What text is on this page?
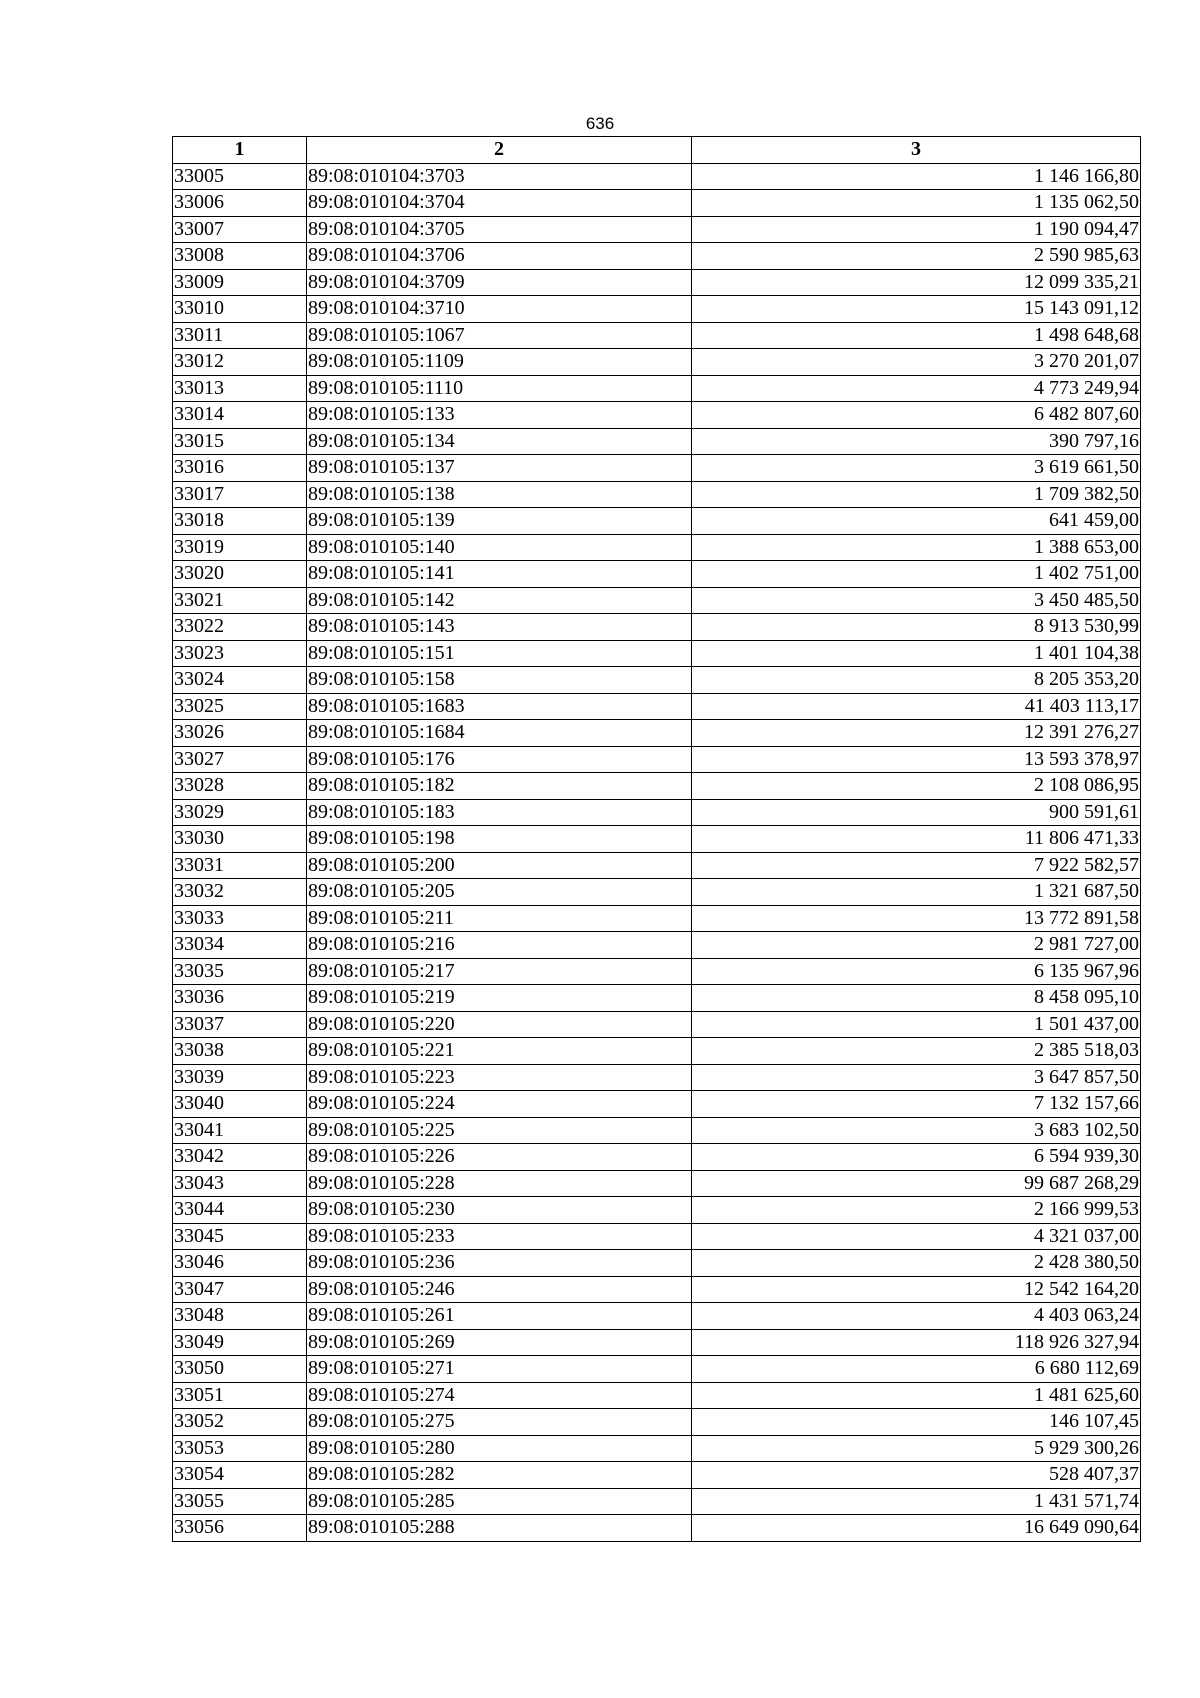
636
1	2	3
33005	89:08:010104:3703	1 146 166,80
33006	89:08:010104:3704	1 135 062,50
33007	89:08:010104:3705	1 190 094,47
33008	89:08:010104:3706	2 590 985,63
33009	89:08:010104:3709	12 099 335,21
33010	89:08:010104:3710	15 143 091,12
33011	89:08:010105:1067	1 498 648,68
33012	89:08:010105:1109	3 270 201,07
33013	89:08:010105:1110	4 773 249,94
33014	89:08:010105:133	6 482 807,60
33015	89:08:010105:134	390 797,16
33016	89:08:010105:137	3 619 661,50
33017	89:08:010105:138	1 709 382,50
33018	89:08:010105:139	641 459,00
33019	89:08:010105:140	1 388 653,00
33020	89:08:010105:141	1 402 751,00
33021	89:08:010105:142	3 450 485,50
33022	89:08:010105:143	8 913 530,99
33023	89:08:010105:151	1 401 104,38
33024	89:08:010105:158	8 205 353,20
33025	89:08:010105:1683	41 403 113,17
33026	89:08:010105:1684	12 391 276,27
33027	89:08:010105:176	13 593 378,97
33028	89:08:010105:182	2 108 086,95
33029	89:08:010105:183	900 591,61
33030	89:08:010105:198	11 806 471,33
33031	89:08:010105:200	7 922 582,57
33032	89:08:010105:205	1 321 687,50
33033	89:08:010105:211	13 772 891,58
33034	89:08:010105:216	2 981 727,00
33035	89:08:010105:217	6 135 967,96
33036	89:08:010105:219	8 458 095,10
33037	89:08:010105:220	1 501 437,00
33038	89:08:010105:221	2 385 518,03
33039	89:08:010105:223	3 647 857,50
33040	89:08:010105:224	7 132 157,66
33041	89:08:010105:225	3 683 102,50
33042	89:08:010105:226	6 594 939,30
33043	89:08:010105:228	99 687 268,29
33044	89:08:010105:230	2 166 999,53
33045	89:08:010105:233	4 321 037,00
33046	89:08:010105:236	2 428 380,50
33047	89:08:010105:246	12 542 164,20
33048	89:08:010105:261	4 403 063,24
33049	89:08:010105:269	118 926 327,94
33050	89:08:010105:271	6 680 112,69
33051	89:08:010105:274	1 481 625,60
33052	89:08:010105:275	146 107,45
33053	89:08:010105:280	5 929 300,26
33054	89:08:010105:282	528 407,37
33055	89:08:010105:285	1 431 571,74
33056	89:08:010105:288	16 649 090,64
